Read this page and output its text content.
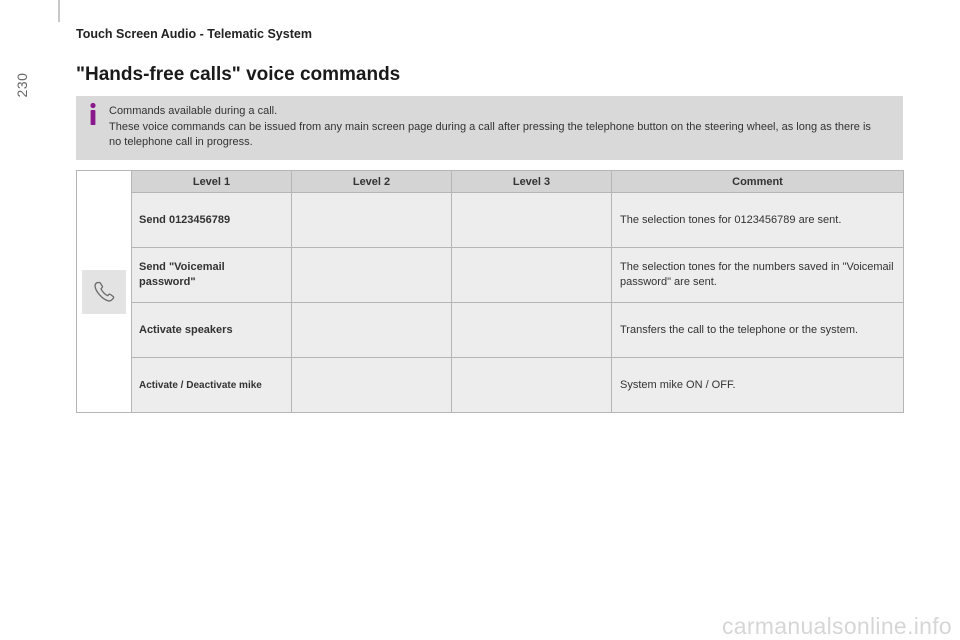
230
Touch Screen Audio - Telematic System
"Hands-free calls" voice commands
Commands available during a call.
These voice commands can be issued from any main screen page during a call after pressing the telephone button on the steering wheel, as long as there is no telephone call in progress.
	Level 1	Level 2	Level 3	Comment
	Send 0123456789			The selection tones for 0123456789 are sent.
	Send "Voicemail password"			The selection tones for the numbers saved in "Voicemail password" are sent.
	Activate speakers			Transfers the call to the telephone or the system.
	Activate / Deactivate mike			System mike ON / OFF.
carmanualsonline.info
